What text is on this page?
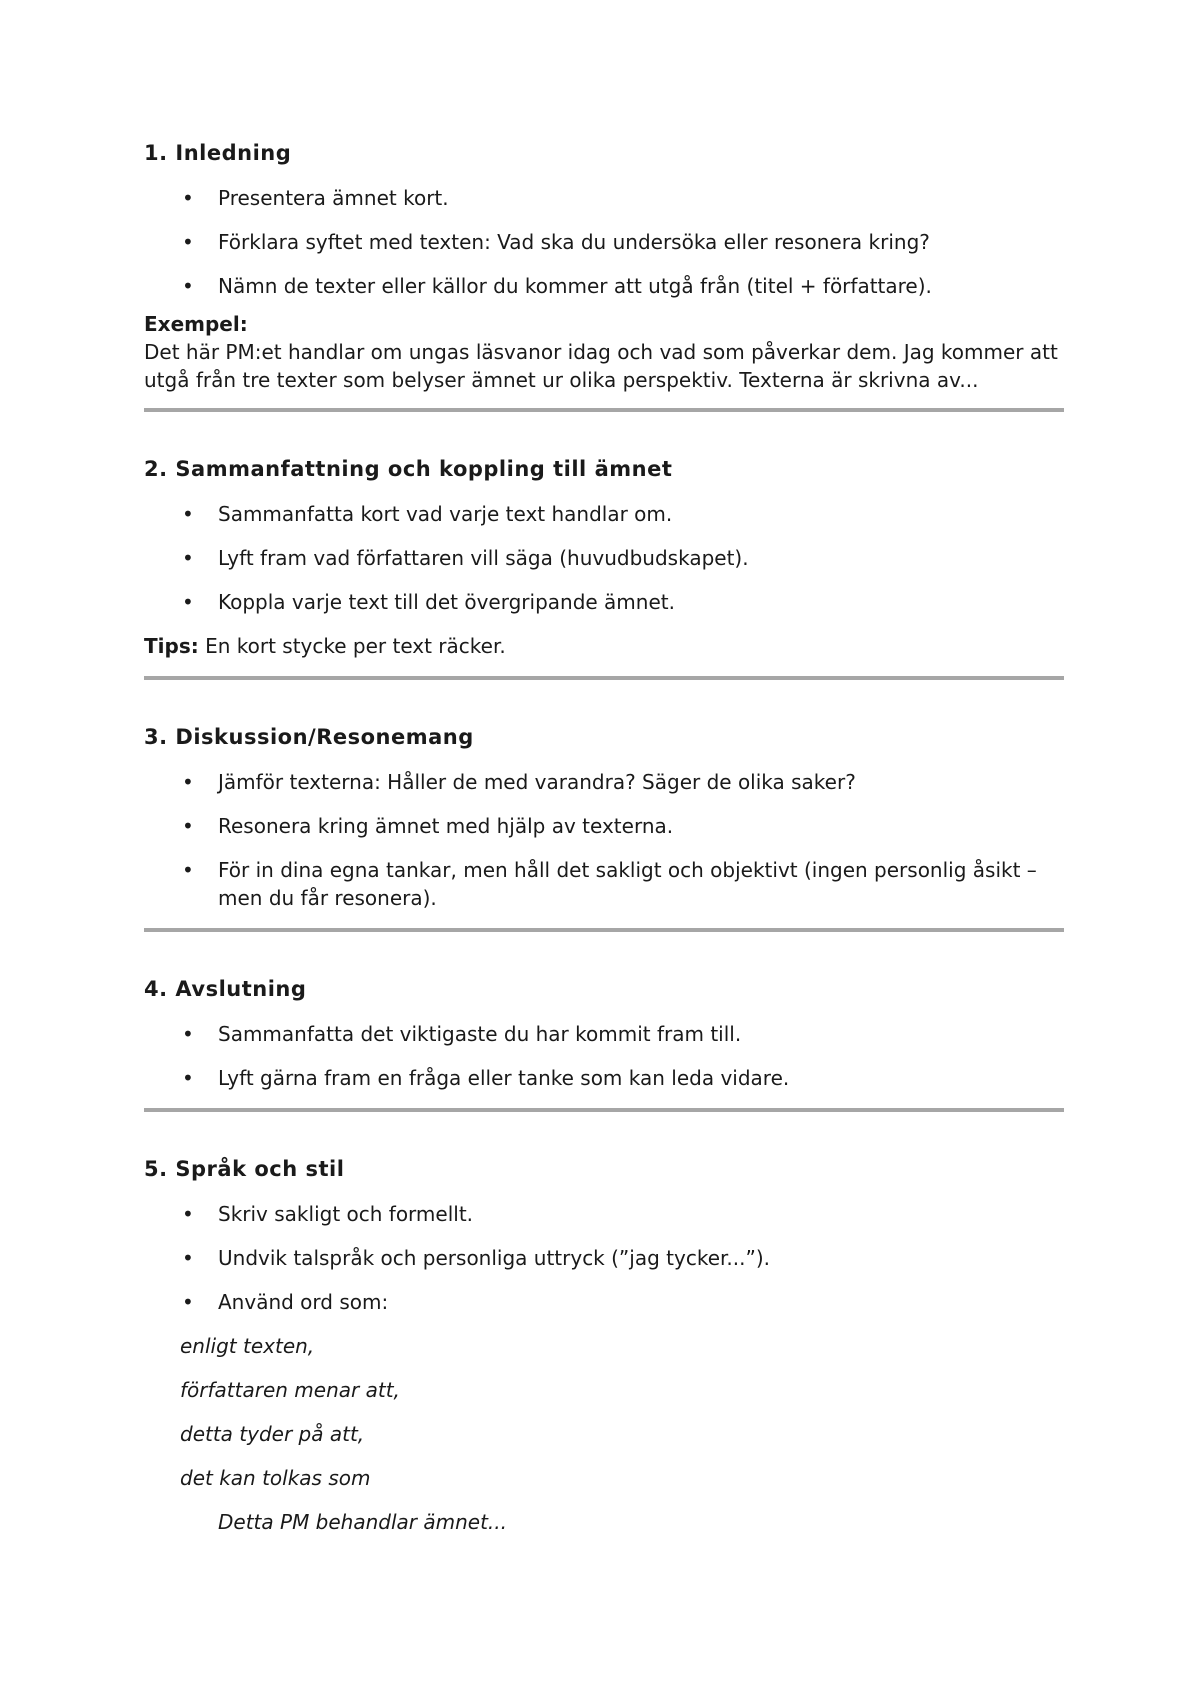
1. Inledning
• Presentera ämnet kort.
• Förklara syftet med texten: Vad ska du undersöka eller resonera kring?
• Nämn de texter eller källor du kommer att utgå från (titel + författare).

Exempel:

Det här PM:et handlar om ungas läsvanor idag och vad som påverkar dem. Jag kommer att utgå från tre texter som belyser ämnet ur olika perspektiv. Texterna är skrivna av...

2. Sammanfattning och koppling till ämnet
• Sammanfatta kort vad varje text handlar om.
• Lyft fram vad författaren vill säga (huvudbudskapet).
• Koppla varje text till det övergripande ämnet.

Tips: En kort stycke per text räcker.

3. Diskussion/Resonemang
• Jämför texterna: Håller de med varandra? Säger de olika saker?
• Resonera kring ämnet med hjälp av texterna.
• För in dina egna tankar, men håll det sakligt och objektivt (ingen personlig åsikt – men du får resonera).
4. Avslutning
• Sammanfatta det viktigaste du har kommit fram till.
• Lyft gärna fram en fråga eller tanke som kan leda vidare.
5. Språk och stil
• Skriv sakligt och formellt.
• Undvik talspråk och personliga uttryck (”jag tycker...”).
• Använd ord som:

enligt texten,

författaren menar att,

detta tyder på att,

det kan tolkas som

Detta PM behandlar ämnet...
